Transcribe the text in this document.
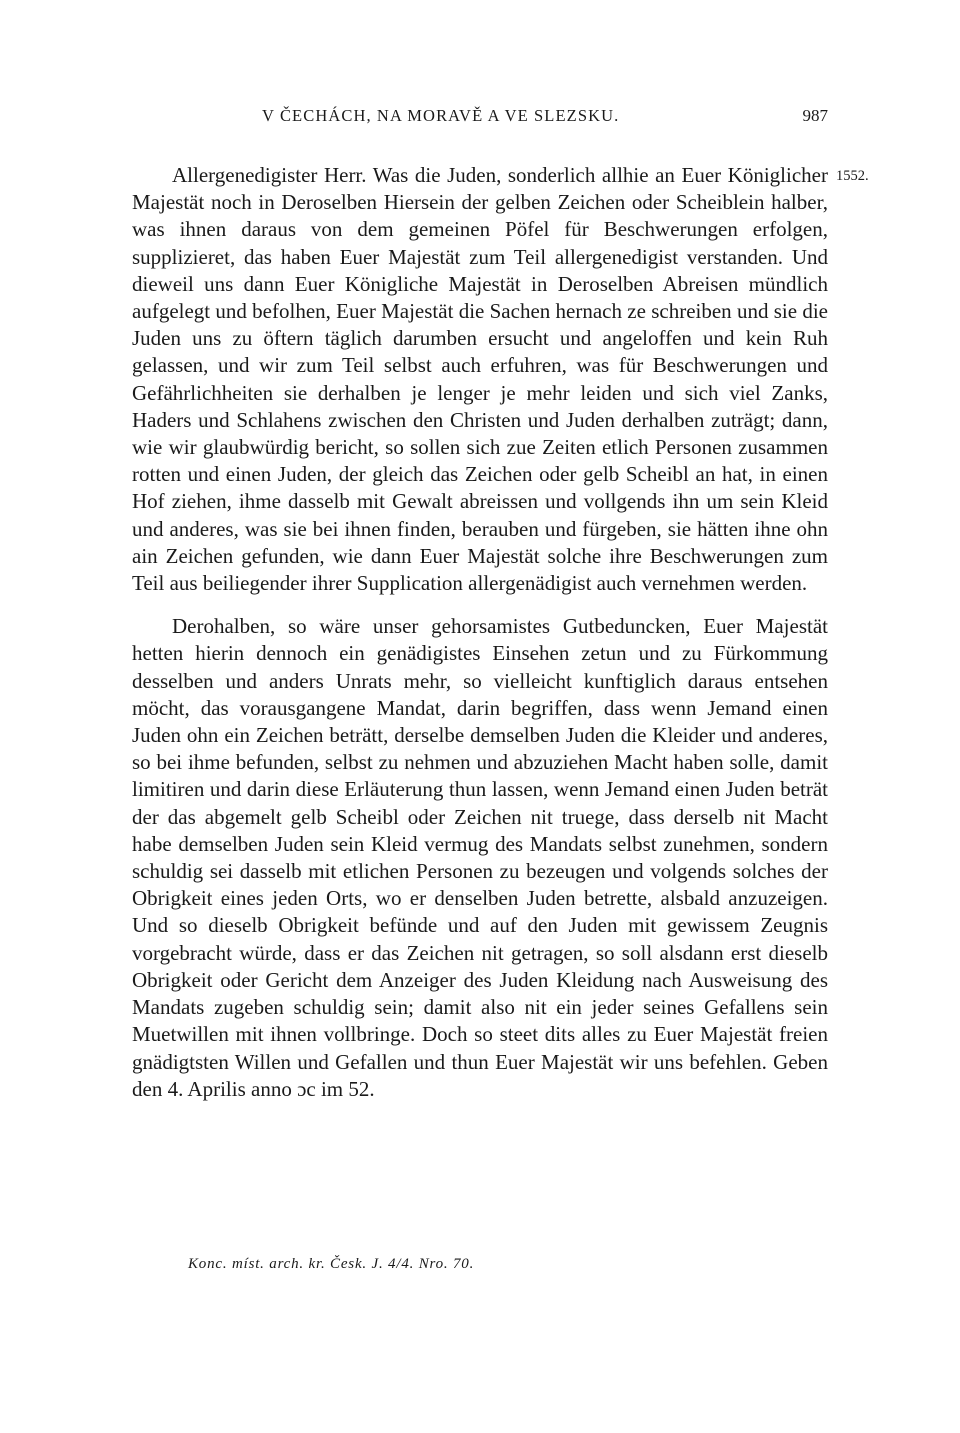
V ČECHÁCH, NA MORAVĚ A VE SLEZSKU.	987
1552.

Allergenedigister Herr. Was die Juden, sonderlich allhie an Euer Königlicher Majestät noch in Deroselben Hiersein der gelben Zeichen oder Scheiblein halber, was ihnen daraus von dem gemeinen Pöfel für Beschwerungen erfolgen, supplizieret, das haben Euer Majestät zum Teil allergenedigist verstanden. Und dieweil uns dann Euer Königliche Majestät in Deroselben Abreisen mündlich aufgelegt und befolhen, Euer Majestät die Sachen hernach ze schreiben und sie die Juden uns zu öftern täglich darumben ersucht und angeloffen und kein Ruh gelassen, und wir zum Teil selbst auch erfuhren, was für Beschwerungen und Gefährlichheiten sie derhalben je lenger je mehr leiden und sich viel Zanks, Haders und Schlahens zwischen den Christen und Juden derhalben zuträgt; dann, wie wir glaubwürdig bericht, so sollen sich zue Zeiten etlich Personen zusammen rotten und einen Juden, der gleich das Zeichen oder gelb Scheibl an hat, in einen Hof ziehen, ihme dasselb mit Gewalt abreissen und vollgends ihn um sein Kleid und anderes, was sie bei ihnen finden, berauben und fürgeben, sie hätten ihne ohn ain Zeichen gefunden, wie dann Euer Majestät solche ihre Beschwerungen zum Teil aus beiliegender ihrer Supplication allergenädigist auch vernehmen werden.

Derohalben, so wäre unser gehorsamistes Gutbeduncken, Euer Majestät hetten hierin dennoch ein genädigistes Einsehen zetun und zu Fürkommung desselben und anders Unrats mehr, so vielleicht kunftiglich daraus entsehen möcht, das vorausgangene Mandat, darin begriffen, dass wenn Jemand einen Juden ohn ein Zeichen beträtt, derselbe demselben Juden die Kleider und anderes, so bei ihme befunden, selbst zu nehmen und abzuziehen Macht haben solle, damit limitiren und darin diese Erläuterung thun lassen, wenn Jemand einen Juden beträt der das abgemelt gelb Scheibl oder Zeichen nit truege, dass derselb nit Macht habe demselben Juden sein Kleid vermug des Mandats selbst zunehmen, sondern schuldig sei dasselb mit etlichen Personen zu bezeugen und volgends solches der Obrigkeit eines jeden Orts, wo er denselben Juden betrette, alsbald anzuzeigen. Und so dieselb Obrigkeit befünde und auf den Juden mit gewissem Zeugnis vorgebracht würde, dass er das Zeichen nit getragen, so soll alsdann erst dieselb Obrigkeit oder Gericht dem Anzeiger des Juden Kleidung nach Ausweisung des Mandats zugeben schuldig sein; damit also nit ein jeder seines Gefallens sein Muetwillen mit ihnen vollbringe. Doch so steet dits alles zu Euer Majestät freien gnädigtsten Willen und Gefallen und thun Euer Majestät wir uns befehlen. Geben den 4. Aprilis anno ɔc im 52.

Konc. míst. arch. kr. Česk. J. 4/4. Nro. 70.
